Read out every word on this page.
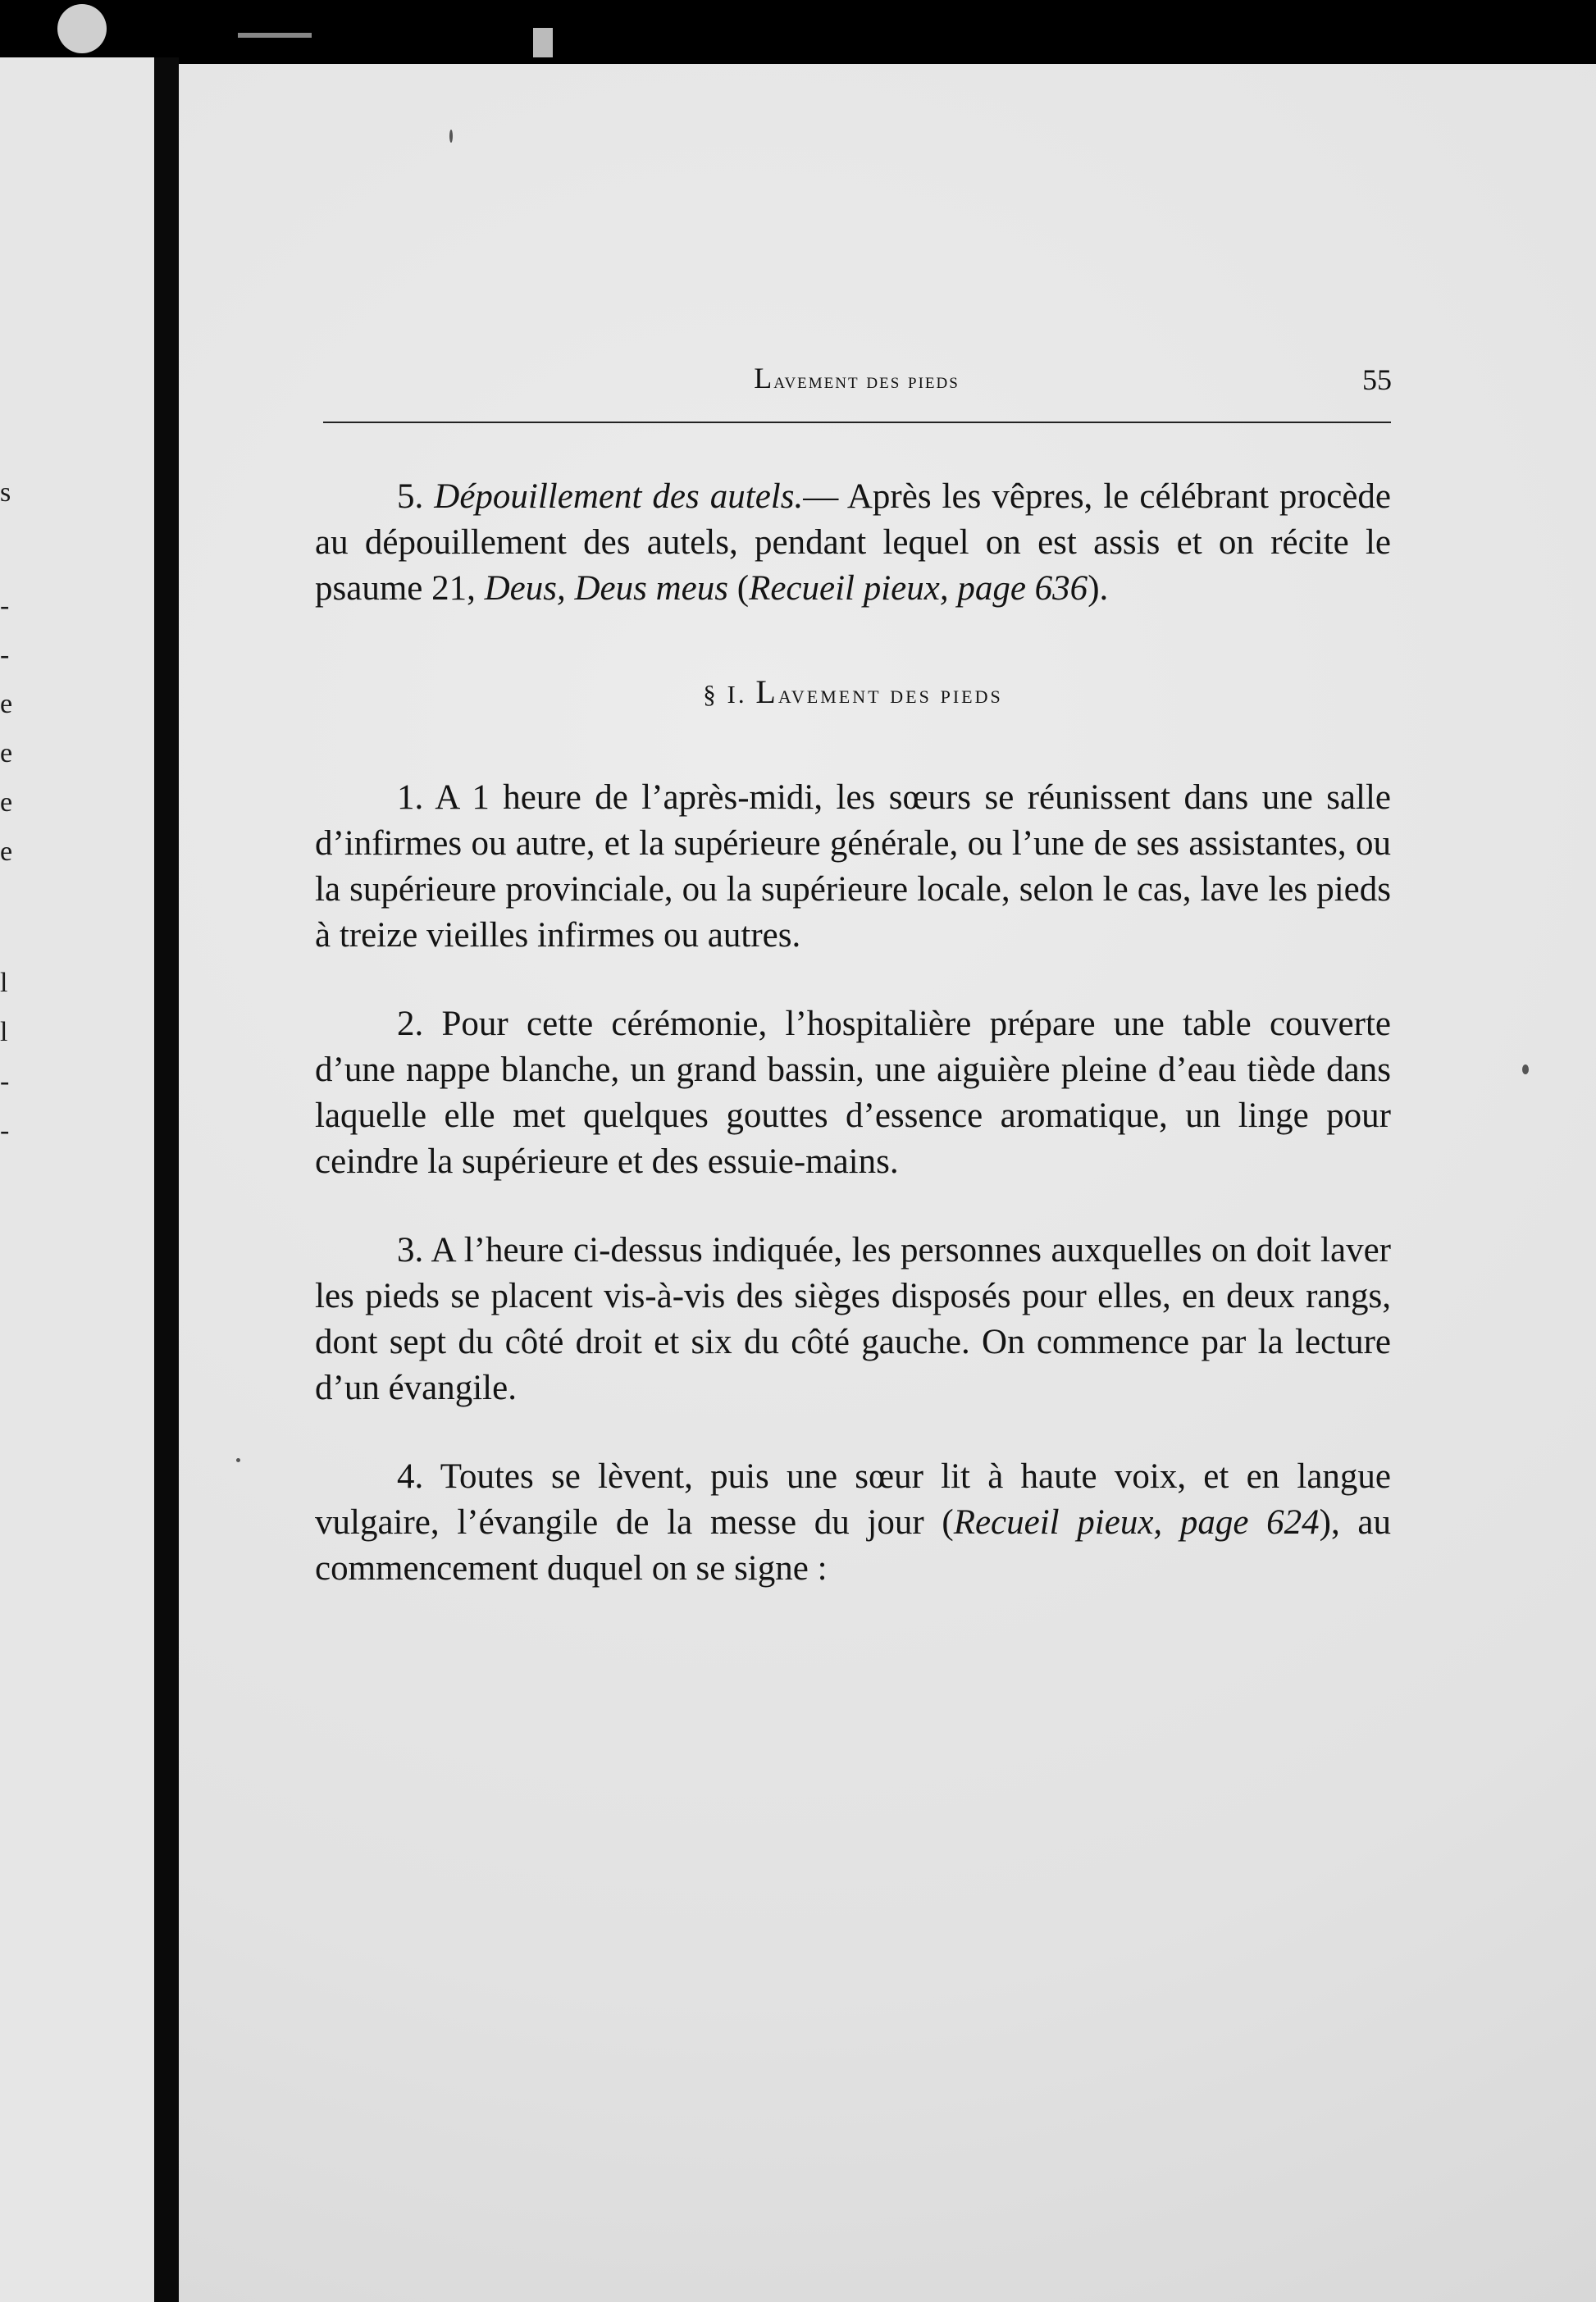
s
-
-
e
e
e
e
l
l
-
-
Lavement des pieds	55

5. Dépouillement des autels.— Après les vêpres, le célébrant procède au dépouillement des autels, pendant lequel on est assis et on récite le psaume 21, Deus, Deus meus (Recueil pieux, page 636).

§ I. Lavement des pieds

1. A 1 heure de l’après-midi, les sœurs se réunissent dans une salle d’infirmes ou autre, et la supérieure générale, ou l’une de ses assistantes, ou la supérieure provinciale, ou la supérieure locale, selon le cas, lave les pieds à treize vieilles infirmes ou autres.

2. Pour cette cérémonie, l’hospitalière prépare une table couverte d’une nappe blanche, un grand bassin, une aiguière pleine d’eau tiède dans laquelle elle met quelques gouttes d’essence aromatique, un linge pour ceindre la supérieure et des essuie-mains.

3. A l’heure ci-dessus indiquée, les personnes auxquelles on doit laver les pieds se placent vis-à-vis des sièges disposés pour elles, en deux rangs, dont sept du côté droit et six du côté gauche. On commence par la lecture d’un évangile.

4. Toutes se lèvent, puis une sœur lit à haute voix, et en langue vulgaire, l’évangile de la messe du jour (Recueil pieux, page 624), au commencement duquel on se signe :
